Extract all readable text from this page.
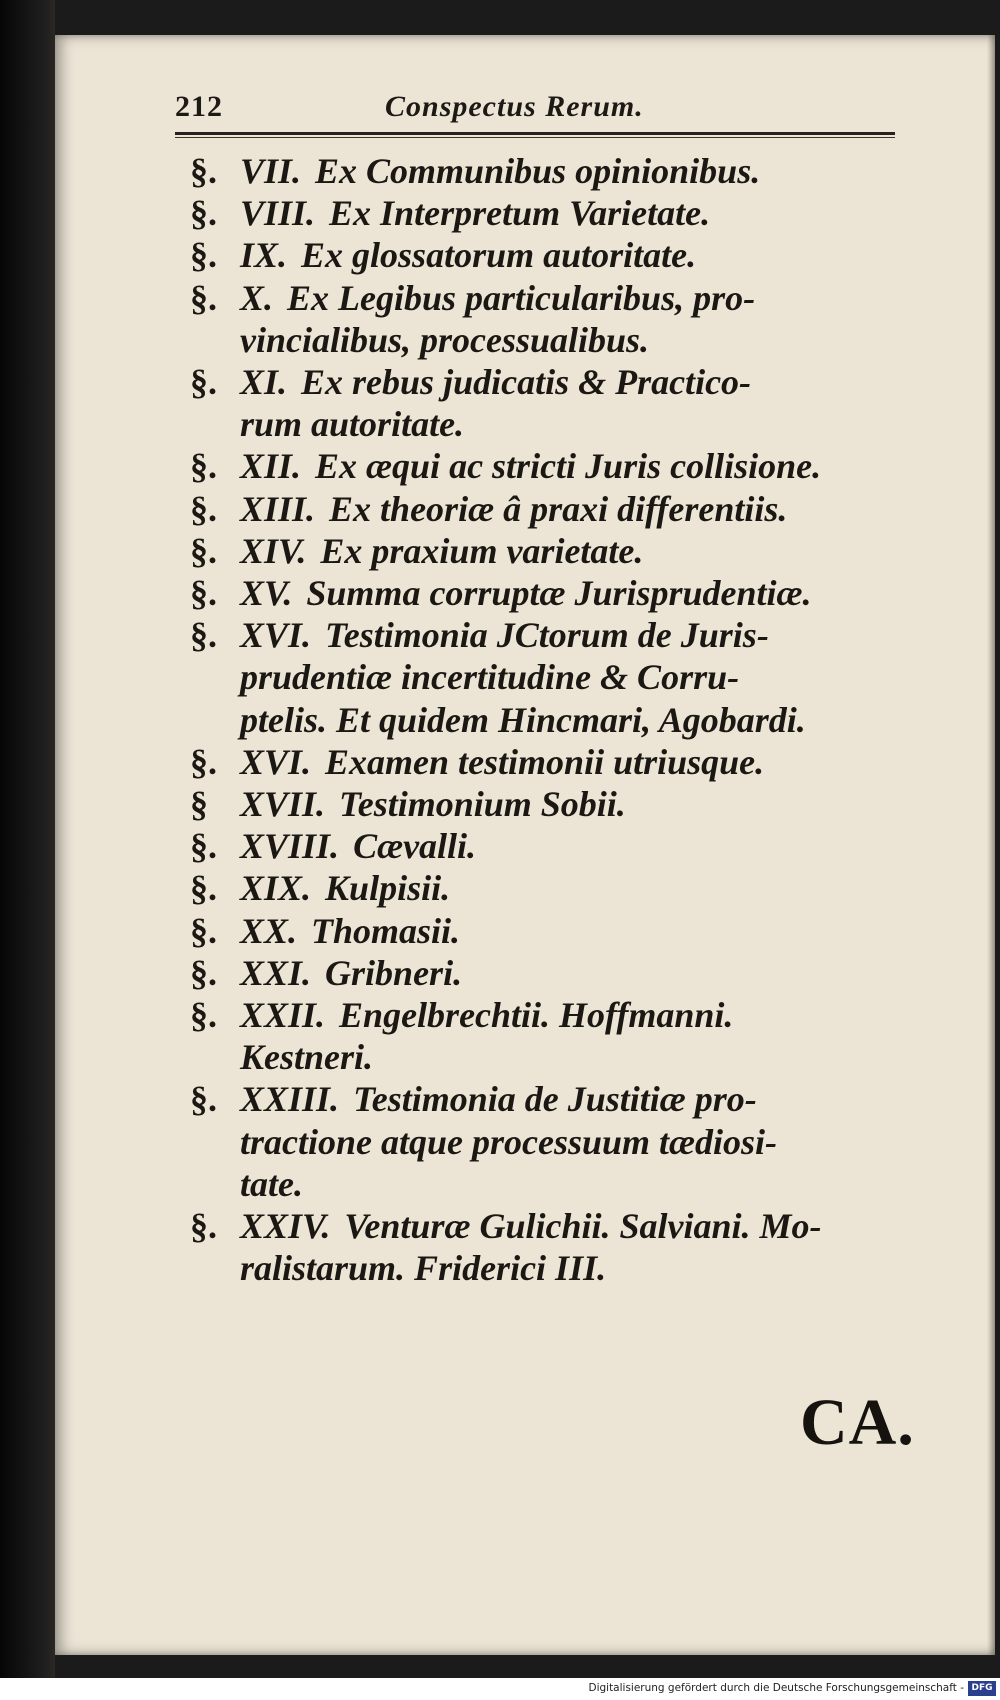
212	Conspectus Rerum.
§. VII. Ex Communibus opinionibus.
§. VIII. Ex Interpretum Varietate.
§. IX. Ex glossatorum autoritate.
§. X. Ex Legibus particularibus, pro-
vincialibus, processualibus.
§. XI. Ex rebus judicatis & Practico-
rum autoritate.
§. XII. Ex æqui ac stricti Juris collisione.
§. XIII. Ex theoriæ â praxi differentiis.
§. XIV. Ex praxium varietate.
§. XV. Summa corruptæ Jurisprudentiæ.
§. XVI. Testimonia JCtorum de Juris-
prudentiæ incertitudine & Corru-
ptelis. Et quidem Hincmari, Agobardi.
§. XVI. Examen testimonii utriusque.
§ XVII. Testimonium Sobii.
§. XVIII. Cævalli.
§. XIX. Kulpisii.
§. XX. Thomasii.
§. XXI. Gribneri.
§. XXII. Engelbrechtii. Hoffmanni.
Kestneri.
§. XXIII. Testimonia de Justitiæ pro-
tractione atque processuum tædiosi-
tate.
§. XXIV. Venturæ Gulichii. Salviani. Mo-
ralistarum. Friderici III.
CA.
Digitalisierung gefördert durch die Deutsche Forschungsgemeinschaft - DFG
